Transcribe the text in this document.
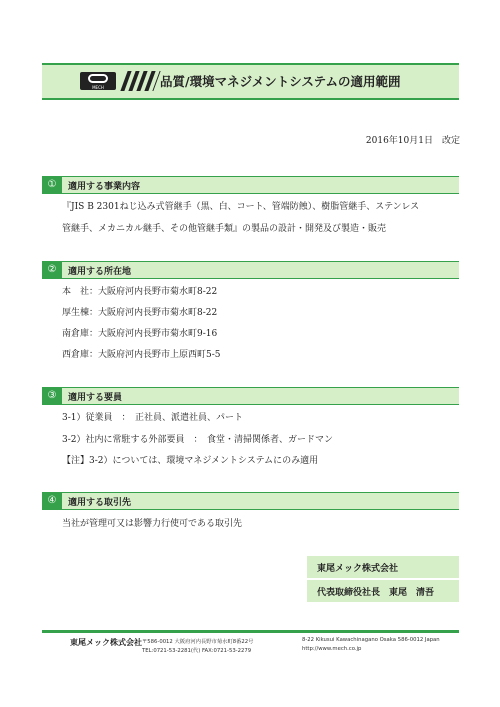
MECH	品質/環境マネジメントシステムの適用範囲
2016年10月1日　改定
①	適用する事業内容
『JIS B 2301ねじ込み式管継手（黒、白、コート、管端防蝕）、樹脂管継手、ステンレス
管継手、メカニカル継手、その他管継手類』の製品の設計・開発及び製造・販売
②	適用する所在地
本　社：大阪府河内長野市菊水町8-22
厚生棟：大阪府河内長野市菊水町8-22
南倉庫：大阪府河内長野市菊水町9-16
西倉庫：大阪府河内長野市上原西町5-5
③	適用する要員
3-1）従業員　：　正社員、派遣社員、パート
3-2）社内に常駐する外部要員　：　食堂・清掃関係者、ガードマン
【注】3-2）については、環境マネジメントシステムにのみ適用
④	適用する取引先
当社が管理可又は影響力行使可である取引先
東尾メック株式会社
代表取締役社長　東尾　清吾
東尾メック株式会社 〒586-0012 大阪府河内長野市菊水町8番22号
TEL:0721-53-2281(代) FAX:0721-53-2279
8-22 Kikusui Kawachinagano Osaka 586-0012 Japan
http://www.mech.co.jp
